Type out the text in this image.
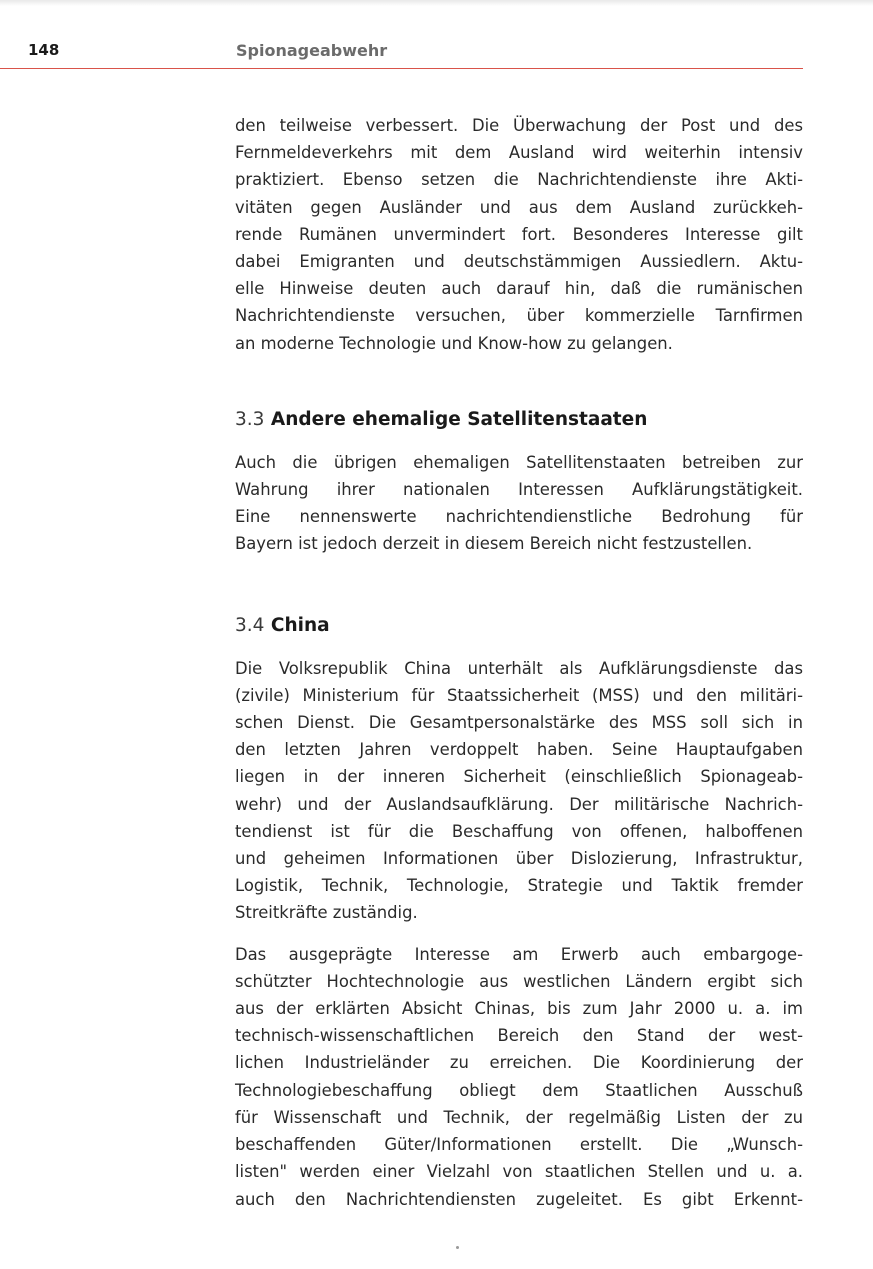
148	Spionageabwehr

den teilweise verbessert. Die Überwachung der Post und des
Fernmeldeverkehrs mit dem Ausland wird weiterhin intensiv
praktiziert. Ebenso setzen die Nachrichtendienste ihre Akti-
vitäten gegen Ausländer und aus dem Ausland zurückkeh-
rende Rumänen unvermindert fort. Besonderes Interesse gilt
dabei Emigranten und deutschstämmigen Aussiedlern. Aktu-
elle Hinweise deuten auch darauf hin, daß die rumänischen
Nachrichtendienste versuchen, über kommerzielle Tarnfirmen
an moderne Technologie und Know-how zu gelangen.

3.3 Andere ehemalige Satellitenstaaten

Auch die übrigen ehemaligen Satellitenstaaten betreiben zur
Wahrung ihrer nationalen Interessen Aufklärungstätigkeit.
Eine nennenswerte nachrichtendienstliche Bedrohung für
Bayern ist jedoch derzeit in diesem Bereich nicht festzustellen.

3.4 China

Die Volksrepublik China unterhält als Aufklärungsdienste das
(zivile) Ministerium für Staatssicherheit (MSS) und den militäri-
schen Dienst. Die Gesamtpersonalstärke des MSS soll sich in
den letzten Jahren verdoppelt haben. Seine Hauptaufgaben
liegen in der inneren Sicherheit (einschließlich Spionageab-
wehr) und der Auslandsaufklärung. Der militärische Nachrich-
tendienst ist für die Beschaffung von offenen, halboffenen
und geheimen Informationen über Dislozierung, Infrastruktur,
Logistik, Technik, Technologie, Strategie und Taktik fremder
Streitkräfte zuständig.

Das ausgeprägte Interesse am Erwerb auch embargoge-
schützter Hochtechnologie aus westlichen Ländern ergibt sich
aus der erklärten Absicht Chinas, bis zum Jahr 2000 u. a. im
technisch-wissenschaftlichen Bereich den Stand der west-
lichen Industrieländer zu erreichen. Die Koordinierung der
Technologiebeschaffung obliegt dem Staatlichen Ausschuß
für Wissenschaft und Technik, der regelmäßig Listen der zu
beschaffenden Güter/Informationen erstellt. Die „Wunsch-
listen" werden einer Vielzahl von staatlichen Stellen und u. a.
auch den Nachrichtendiensten zugeleitet. Es gibt Erkennt-
